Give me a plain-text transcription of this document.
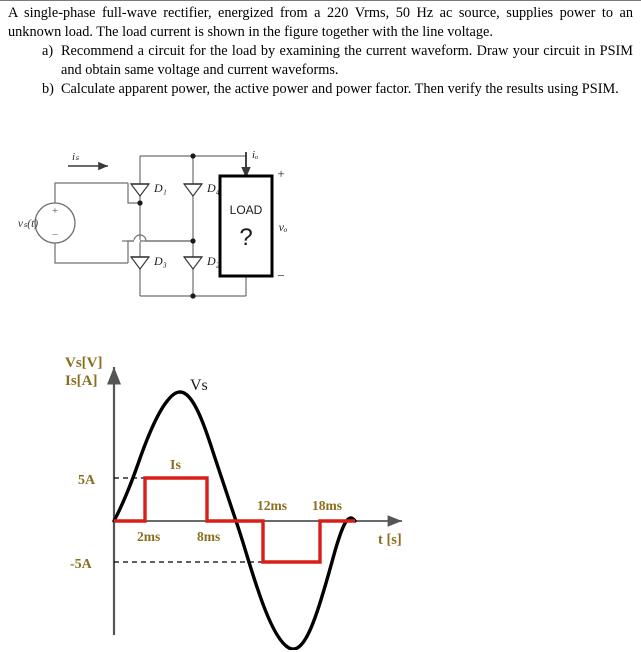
A single-phase full-wave rectifier, energized from a 220 Vrms, 50 Hz ac source, supplies power to an unknown load. The load current is shown in the figure together with the line voltage.

a) Recommend a circuit for the load by examining the current waveform. Draw your circuit in PSIM and obtain same voltage and current waveforms.
b) Calculate apparent power, the active power and power factor. Then verify the results using PSIM.
+
−
vₛ(t)
iₛ	iₒ
D₁	D₄
D₃	D₂
LOAD
?
+
−
vₒ
Vs[V]
Is[A]
5A
-5A
Is
Vs
2ms	8ms
12ms 18ms
t [s]
